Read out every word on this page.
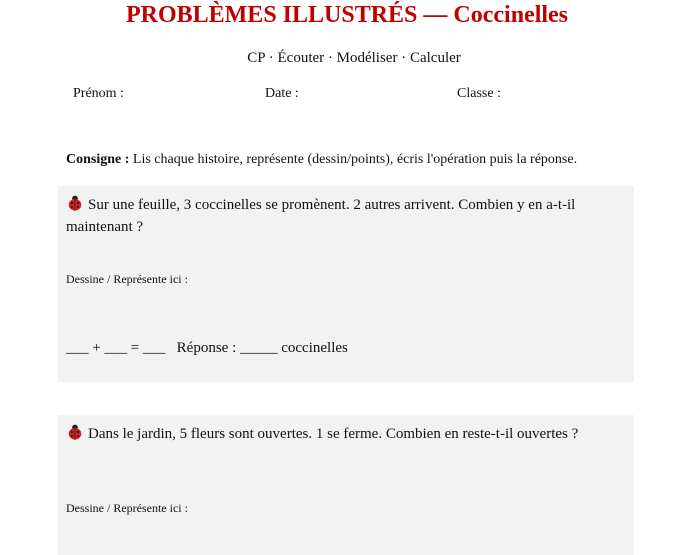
PROBLÈMES ILLUSTRÉS — Coccinelles
CP · Écouter · Modéliser · Calculer
Prénom :	Date :	Classe :
Consigne : Lis chaque histoire, représente (dessin/points), écris l'opération puis la réponse.
Sur une feuille, 3 coccinelles se promènent. 2 autres arrivent. Combien y en a-t-il maintenant ?
Dessine / Représente ici :
___ + ___ = ___   Réponse : _____ coccinelles
Dans le jardin, 5 fleurs sont ouvertes. 1 se ferme. Combien en reste-t-il ouvertes ?
Dessine / Représente ici :
